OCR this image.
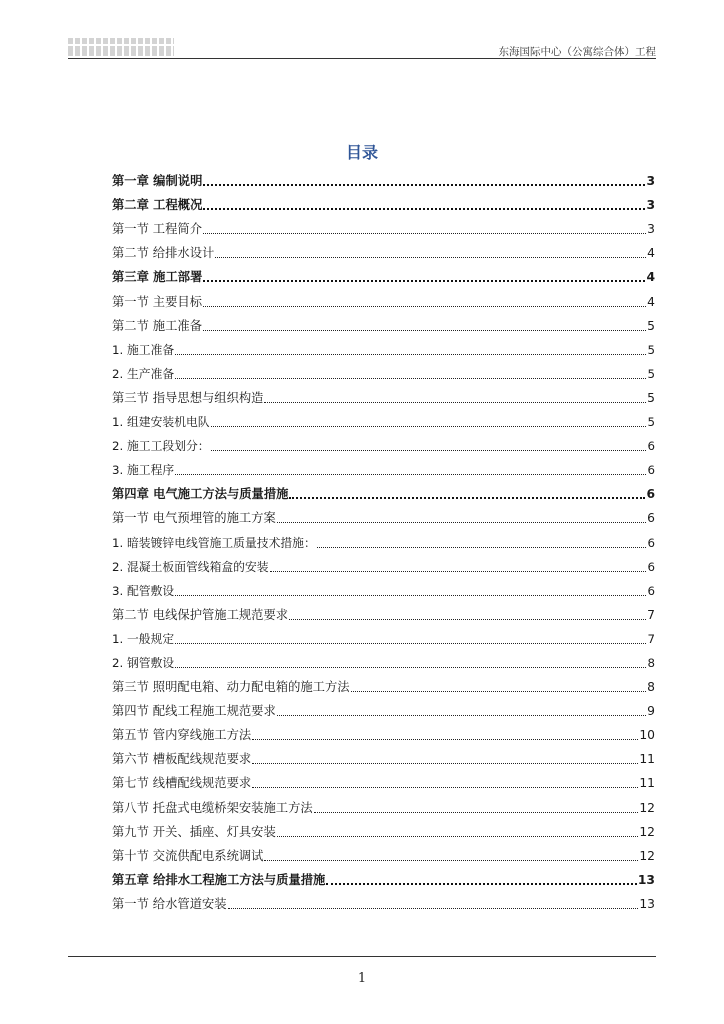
东海国际中心（公寓综合体）工程
目录
第一章 编制说明	3
第二章 工程概况	3
第一节 工程简介	3
第二节 给排水设计	4
第三章 施工部署	4
第一节 主要目标	4
第二节 施工准备	5
1. 施工准备	5
2. 生产准备	5
第三节 指导思想与组织构造	5
1. 组建安装机电队	5
2. 施工工段划分：	6
3. 施工程序	6
第四章 电气施工方法与质量措施	6
第一节 电气预埋管的施工方案	6
1. 暗装镀锌电线管施工质量技术措施：	6
2. 混凝土板面管线箱盒的安装	6
3. 配管敷设	6
第二节 电线保护管施工规范要求	7
1. 一般规定	7
2. 钢管敷设	8
第三节 照明配电箱、动力配电箱的施工方法	8
第四节 配线工程施工规范要求	9
第五节 管内穿线施工方法	10
第六节 槽板配线规范要求	11
第七节 线槽配线规范要求	11
第八节 托盘式电缆桥架安装施工方法	12
第九节 开关、插座、灯具安装	12
第十节 交流供配电系统调试	12
第五章 给排水工程施工方法与质量措施	13
第一节 给水管道安装	13
1
